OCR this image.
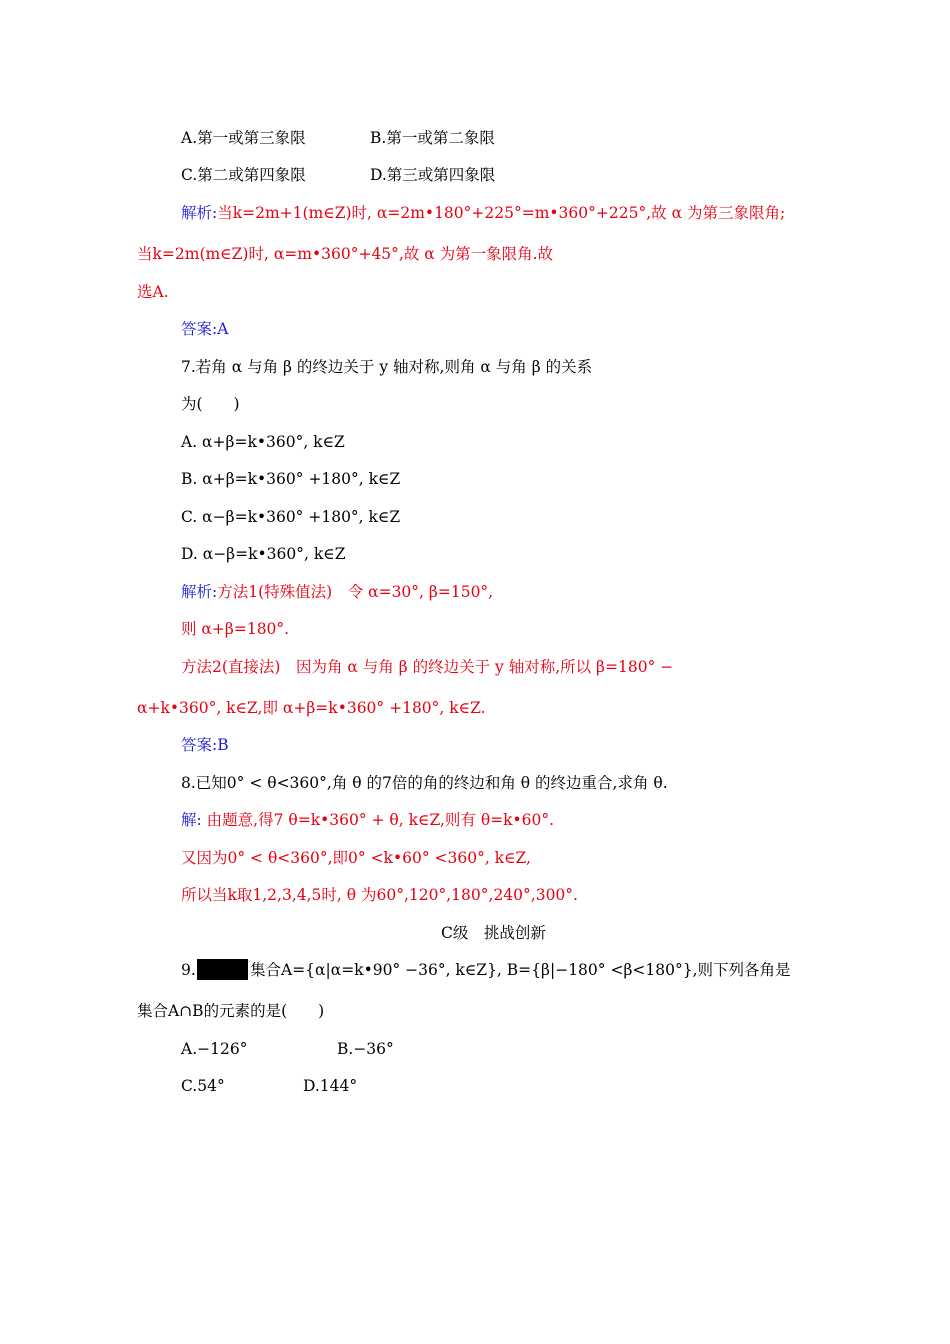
A.第一或第三象限	B.第一或第二象限
C.第二或第四象限	D.第三或第四象限
解析:当k=2m+1(m∈Z)时, α=2m•180°+225°=m•360°+225°,故 α 为第三象限角;
当k=2m(m∈Z)时, α=m•360°+45°,故 α 为第一象限角.故
选A.
答案:A
7.若角 α 与角 β 的终边关于 y 轴对称,则角 α 与角 β 的关系
为(　　)
A. α+β=k•360°, k∈Z
B. α+β=k•360° +180°, k∈Z
C. α−β=k•360° +180°, k∈Z
D. α−β=k•360°, k∈Z
解析:方法1(特殊值法)　令 α=30°, β=150°,
则 α+β=180°.
方法2(直接法)　因为角 α 与角 β 的终边关于 y 轴对称,所以 β=180° −
α+k•360°, k∈Z,即 α+β=k•360° +180°, k∈Z.
答案:B
8.已知0° < θ<360°,角 θ 的7倍的角的终边和角 θ 的终边重合,求角 θ.
解: 由题意,得7 θ=k•360° + θ, k∈Z,则有 θ=k•60°.
又因为0° < θ<360°,即0° <k•60° <360°, k∈Z,
所以当k取1,2,3,4,5时, θ 为60°,120°,180°,240°,300°.
C级　挑战创新
9.	集合A={α|α=k•90° −36°, k∈Z}, B={β|−180° <β<180°},则下列各角是
集合A∩B的元素的是(　　)
A.−126°	B.−36°
C.54°	D.144°
